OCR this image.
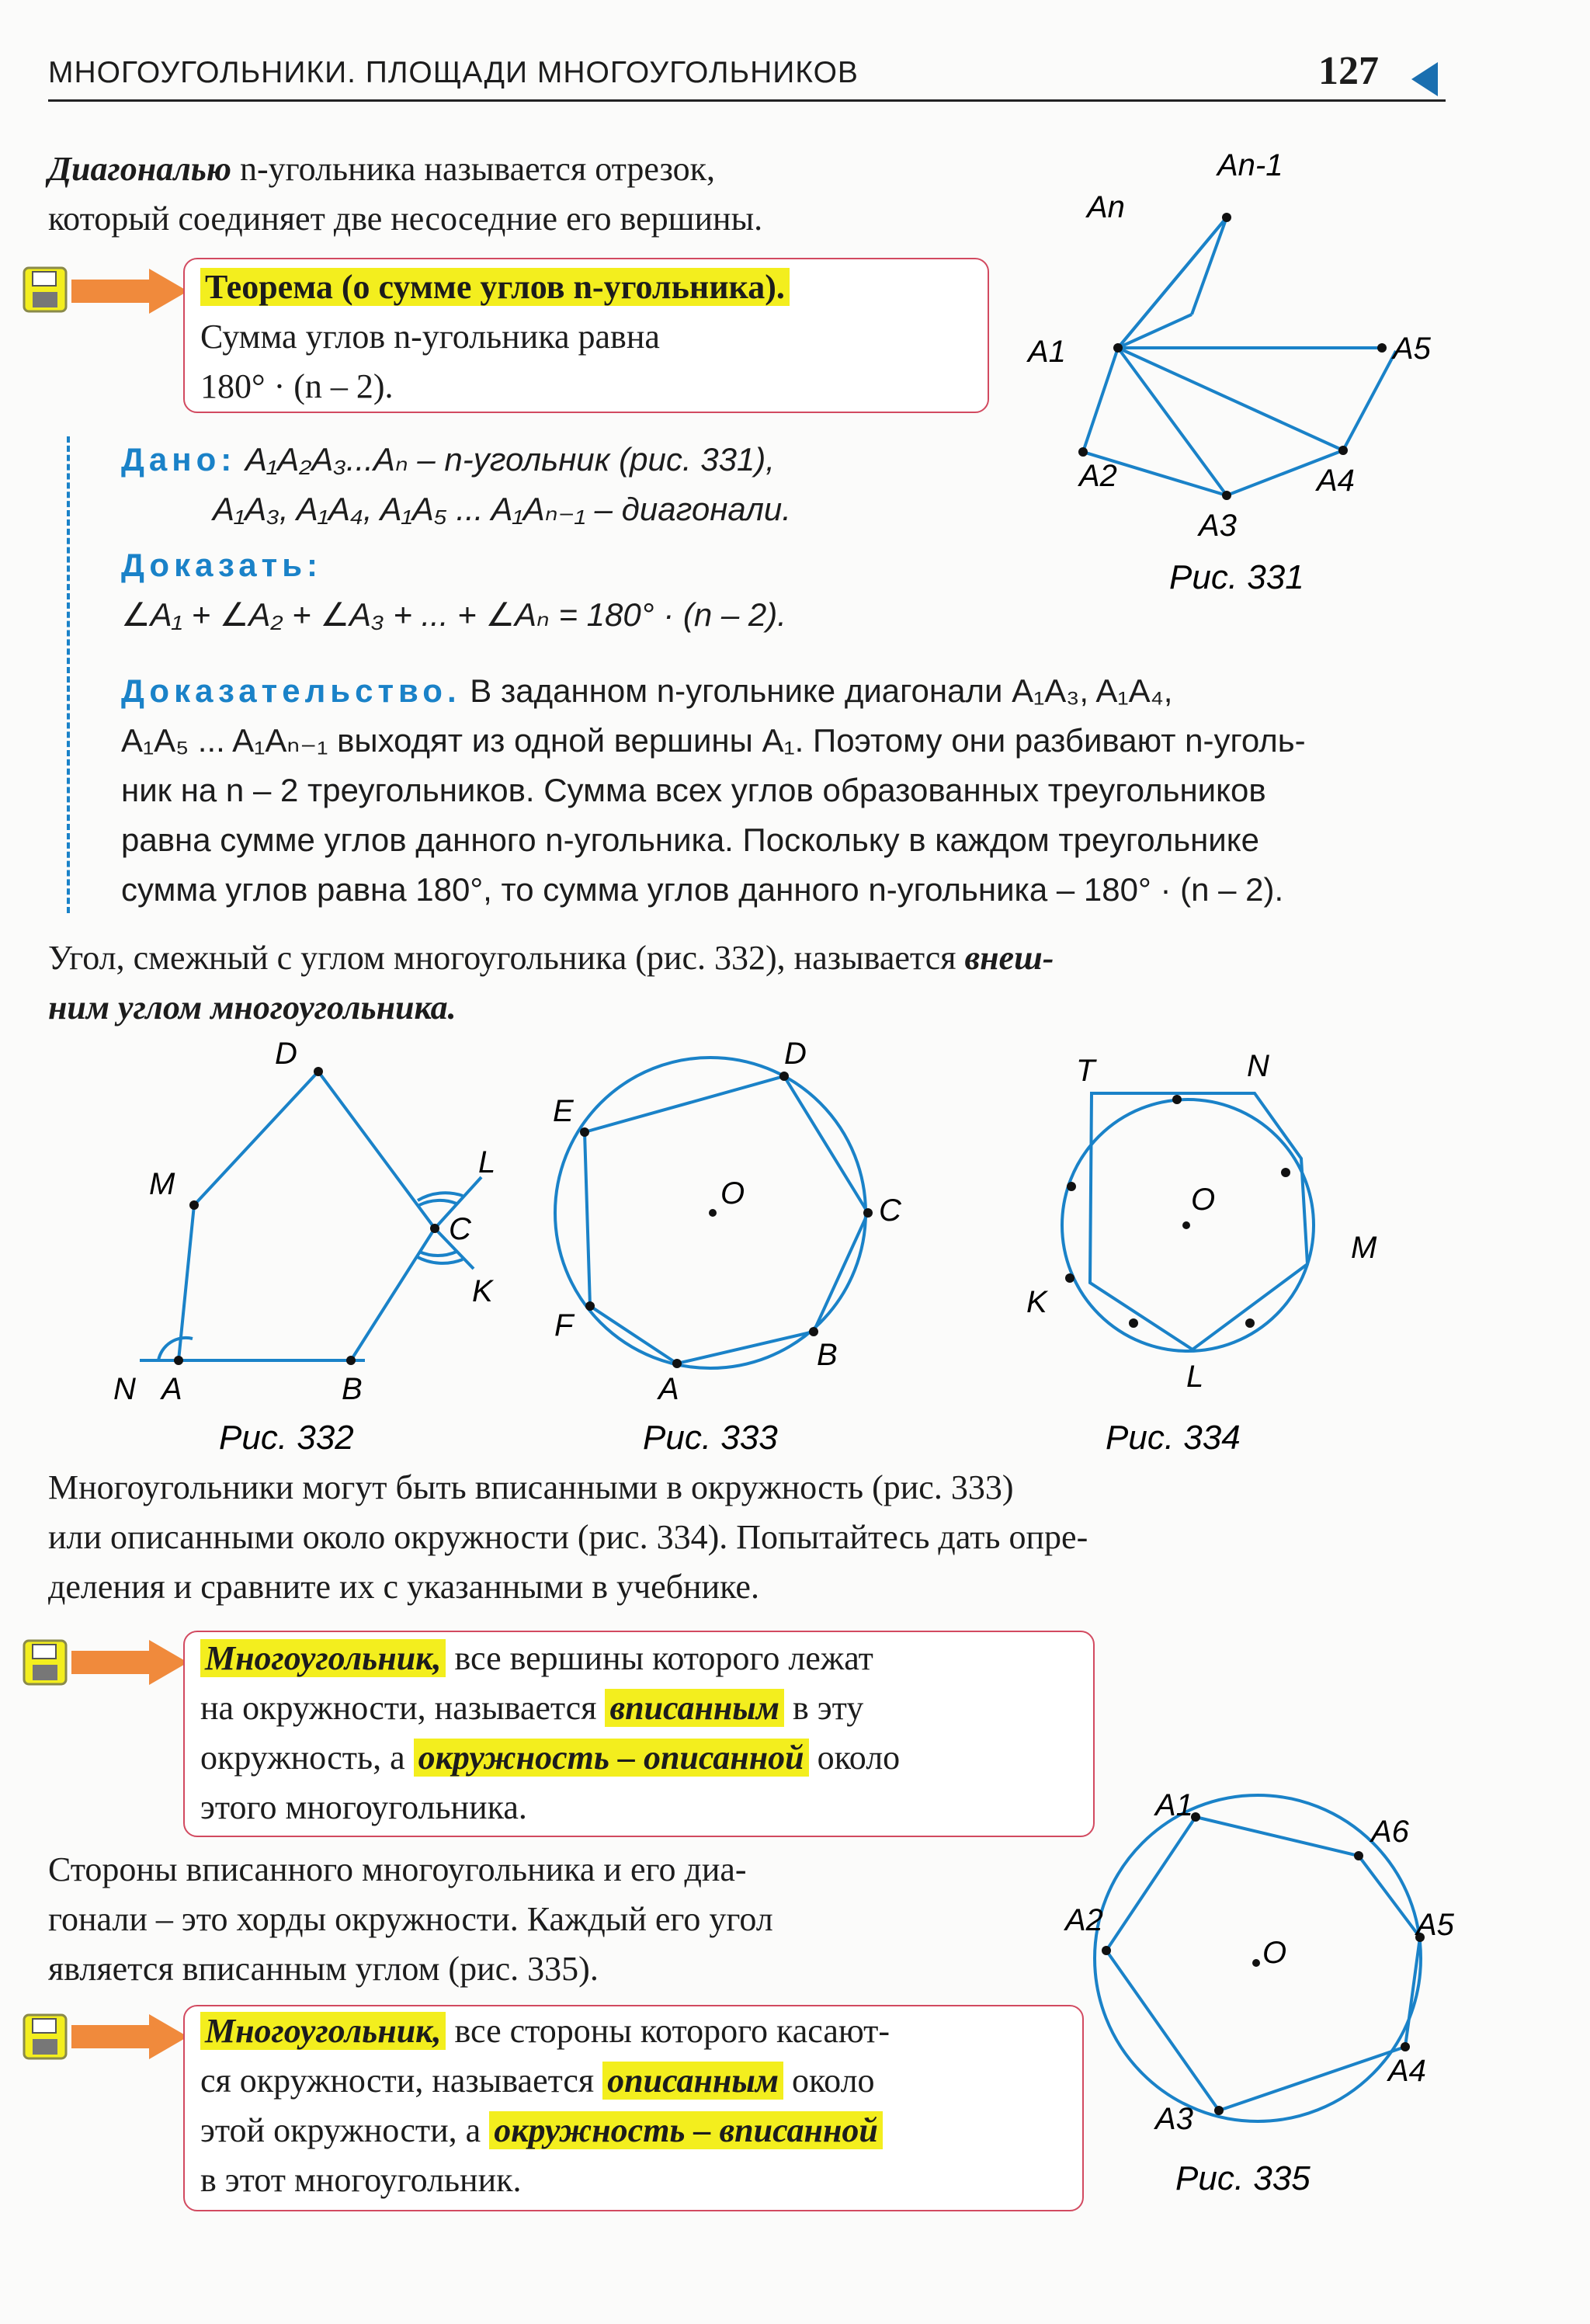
МНОГОУГОЛЬНИКИ. ПЛОЩАДИ МНОГОУГОЛЬНИКОВ	127
Диагональю n-угольника называется отрезок,
который соединяет две несоседние его вершины.
Теорема (о сумме углов n-угольника).
Сумма углов n-угольника равна
180° · (n – 2).
An-1
An
A1	A5
A2	A4
A3
Рис. 331
Дано: A₁A₂A₃...Aₙ – n-угольник (рис. 331),
A₁A₃, A₁A₄, A₁A₅ ... A₁Aₙ₋₁ – диагонали.
Доказать:
∠A₁ + ∠A₂ + ∠A₃ + ... + ∠Aₙ = 180° · (n – 2).
Доказательство. В заданном n-угольнике диагонали A₁A₃, A₁A₄,
A₁A₅ ... A₁Aₙ₋₁ выходят из одной вершины A₁. Поэтому они разбивают n-уголь-
ник на n – 2 треугольников. Сумма всех углов образованных треугольников
равна сумме углов данного n-угольника. Поскольку в каждом треугольнике
сумма углов равна 180°, то сумма углов данного n-угольника – 180° · (n – 2).
Угол, смежный с углом многоугольника (рис. 332), называется внеш-
ним углом многоугольника.
D
M
L
C
K
N A	B
Рис. 332
D
E
O	C
F
B
A
Рис. 333
T	N
O
M
K
L
Рис. 334
Многоугольники могут быть вписанными в окружность (рис. 333)
или описанными около окружности (рис. 334). Попытайтесь дать опре-
деления и сравните их с указанными в учебнике.
Многоугольник, все вершины которого лежат
на окружности, называется вписанным в эту
окружность, а окружность – описанной около
этого многоугольника.
Стороны вписанного многоугольника и его диа-
гонали – это хорды окружности. Каждый его угол
является вписанным углом (рис. 335).
Многоугольник, все стороны которого касают-
ся окружности, называется описанным около
этой окружности, а окружность – вписанной
в этот многоугольник.
A1
A6
A2	A5
O
A4
A3
Рис. 335
